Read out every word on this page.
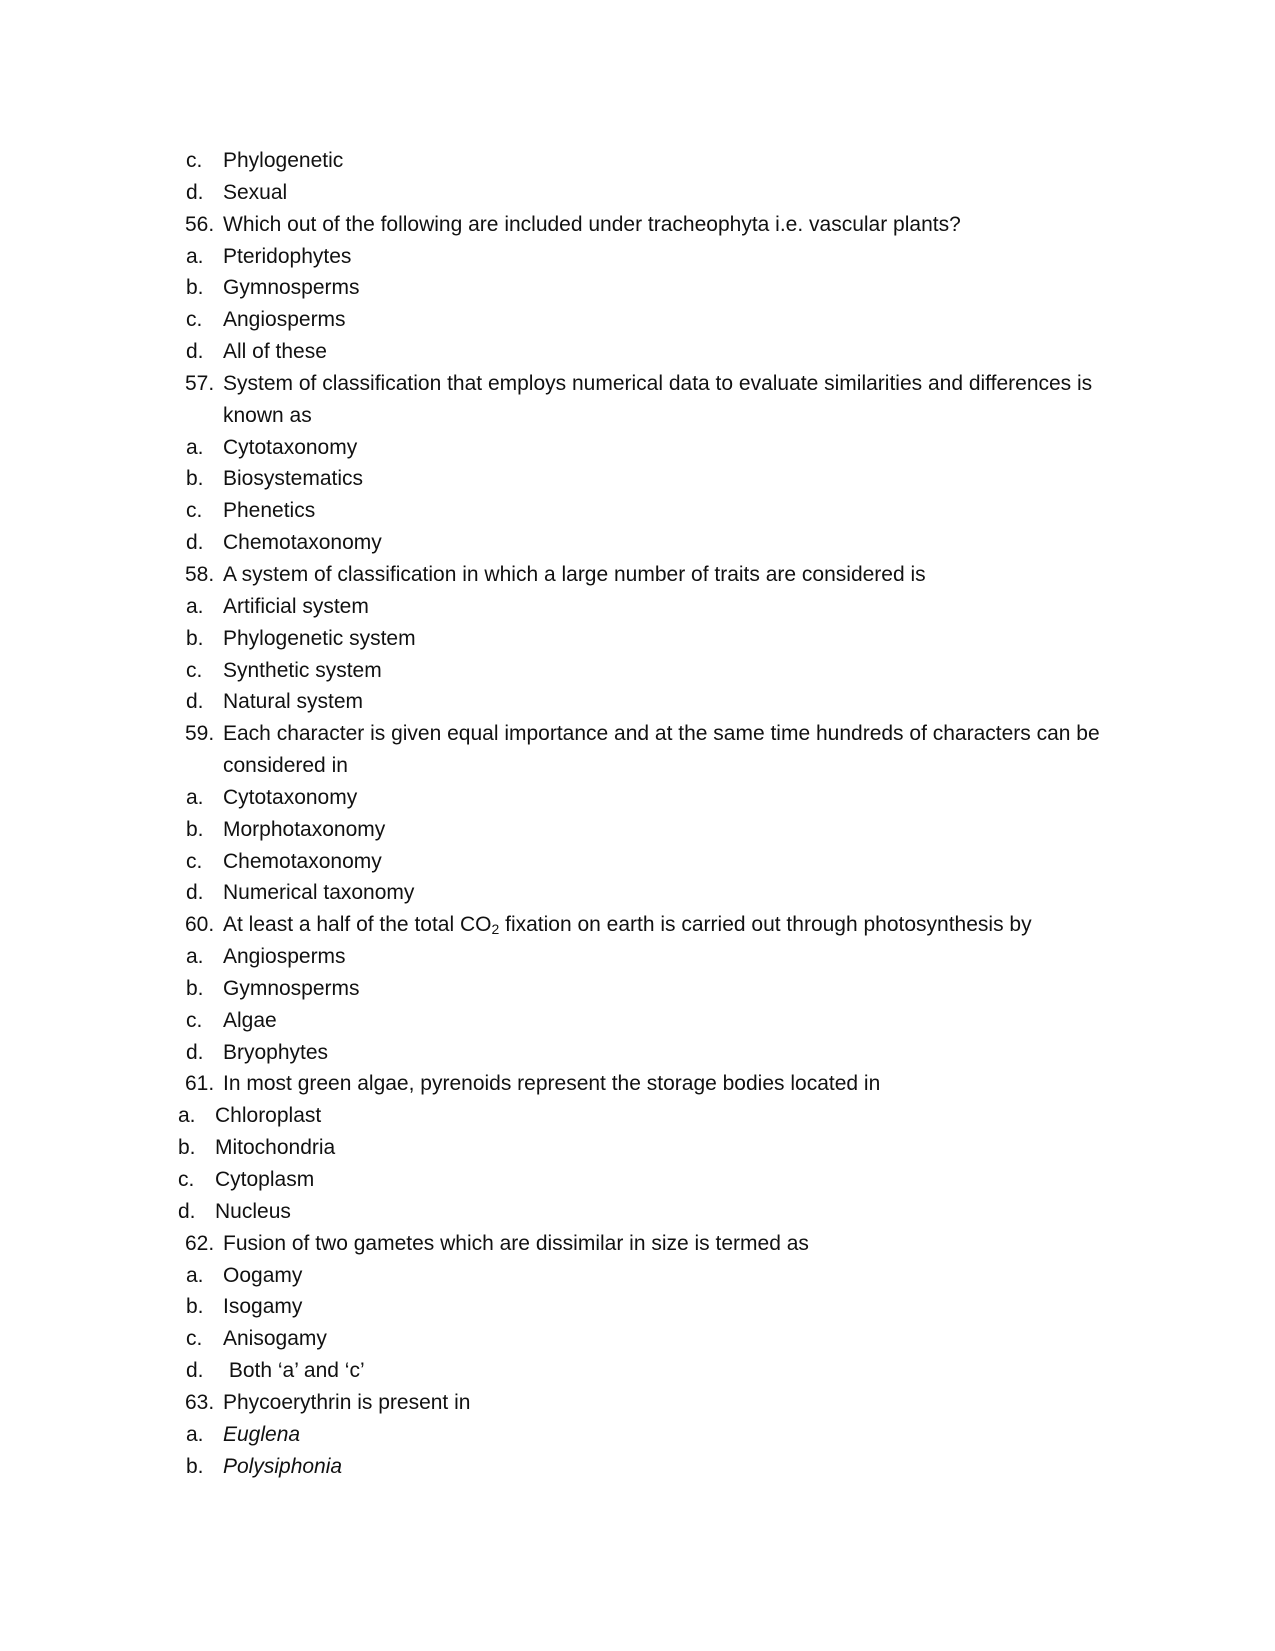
c. Phylogenetic
d. Sexual
56. Which out of the following are included under tracheophyta i.e. vascular plants?
a. Pteridophytes
b. Gymnosperms
c. Angiosperms
d. All of these
57. System of classification that employs numerical data to evaluate similarities and differences is
known as
a. Cytotaxonomy
b. Biosystematics
c. Phenetics
d. Chemotaxonomy
58. A system of classification in which a large number of traits are considered is
a. Artificial system
b. Phylogenetic system
c. Synthetic system
d. Natural system
59. Each character is given equal importance and at the same time hundreds of characters can be
considered in
a. Cytotaxonomy
b. Morphotaxonomy
c. Chemotaxonomy
d. Numerical taxonomy
60. At least a half of the total $CO_2$ fixation on earth is carried out through photosynthesis by
a. Angiosperms
b. Gymnosperms
c. Algae
d. Bryophytes
61. In most green algae, pyrenoids represent the storage bodies located in
a. Chloroplast
b. Mitochondria
c. Cytoplasm
d. Nucleus
62. Fusion of two gametes which are dissimilar in size is termed as
a. Oogamy
b. Isogamy
c. Anisogamy
d. Both ‘a’ and ‘c’
63. Phycoerythrin is present in
a. Euglena
b. Polysiphonia
